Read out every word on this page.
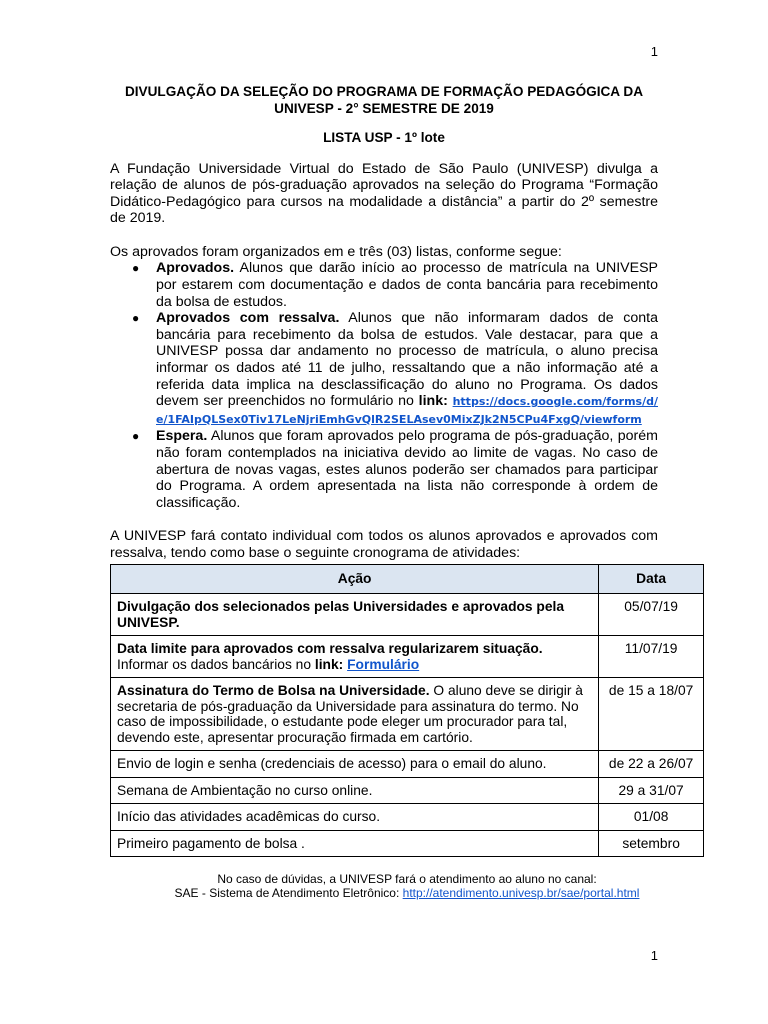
1
DIVULGAÇÃO DA SELEÇÃO DO PROGRAMA DE FORMAÇÃO PEDAGÓGICA DA UNIVESP - 2° SEMESTRE DE 2019
LISTA USP - 1º lote

A Fundação Universidade Virtual do Estado de São Paulo (UNIVESP) divulga a relação de alunos de pós-graduação aprovados na seleção do Programa “Formação Didático-Pedagógico para cursos na modalidade a distância” a partir do 2º semestre de 2019.

Os aprovados foram organizados em e três (03) listas, conforme segue:

● Aprovados. Alunos que darão início ao processo de matrícula na UNIVESP por estarem com documentação e dados de conta bancária para recebimento da bolsa de estudos.
● Aprovados com ressalva. Alunos que não informaram dados de conta bancária para recebimento da bolsa de estudos. Vale destacar, para que a UNIVESP possa dar andamento no processo de matrícula, o aluno precisa informar os dados até 11 de julho, ressaltando que a não informação até a referida data implica na desclassificação do aluno no Programa. Os dados devem ser preenchidos no formulário no link: https://docs.google.com/forms/d/e/1FAIpQLSex0Tiv17LeNjriEmhGvQlR2SELAsev0MixZJk2N5CPu4FxgQ/viewform
● Espera. Alunos que foram aprovados pelo programa de pós-graduação, porém não foram contemplados na iniciativa devido ao limite de vagas. No caso de abertura de novas vagas, estes alunos poderão ser chamados para participar do Programa. A ordem apresentada na lista não corresponde à ordem de classificação.

A UNIVESP fará contato individual com todos os alunos aprovados e aprovados com ressalva, tendo como base o seguinte cronograma de atividades:

Ação	Data
Divulgação dos selecionados pelas Universidades e aprovados pela UNIVESP.	05/07/19
Data limite para aprovados com ressalva regularizarem situação.
Informar os dados bancários no link: Formulário	11/07/19
Assinatura do Termo de Bolsa na Universidade. O aluno deve se dirigir à secretaria de pós-graduação da Universidade para assinatura do termo. No caso de impossibilidade, o estudante pode eleger um procurador para tal, devendo este, apresentar procuração firmada em cartório.	de 15 a 18/07
Envio de login e senha (credenciais de acesso) para o email do aluno.	de 22 a 26/07
Semana de Ambientação no curso online.	29 a 31/07
Início das atividades acadêmicas do curso.	01/08
Primeiro pagamento de bolsa .	setembro
No caso de dúvidas, a UNIVESP fará o atendimento ao aluno no canal:
SAE - Sistema de Atendimento Eletrônico: http://atendimento.univesp.br/sae/portal.html
1
